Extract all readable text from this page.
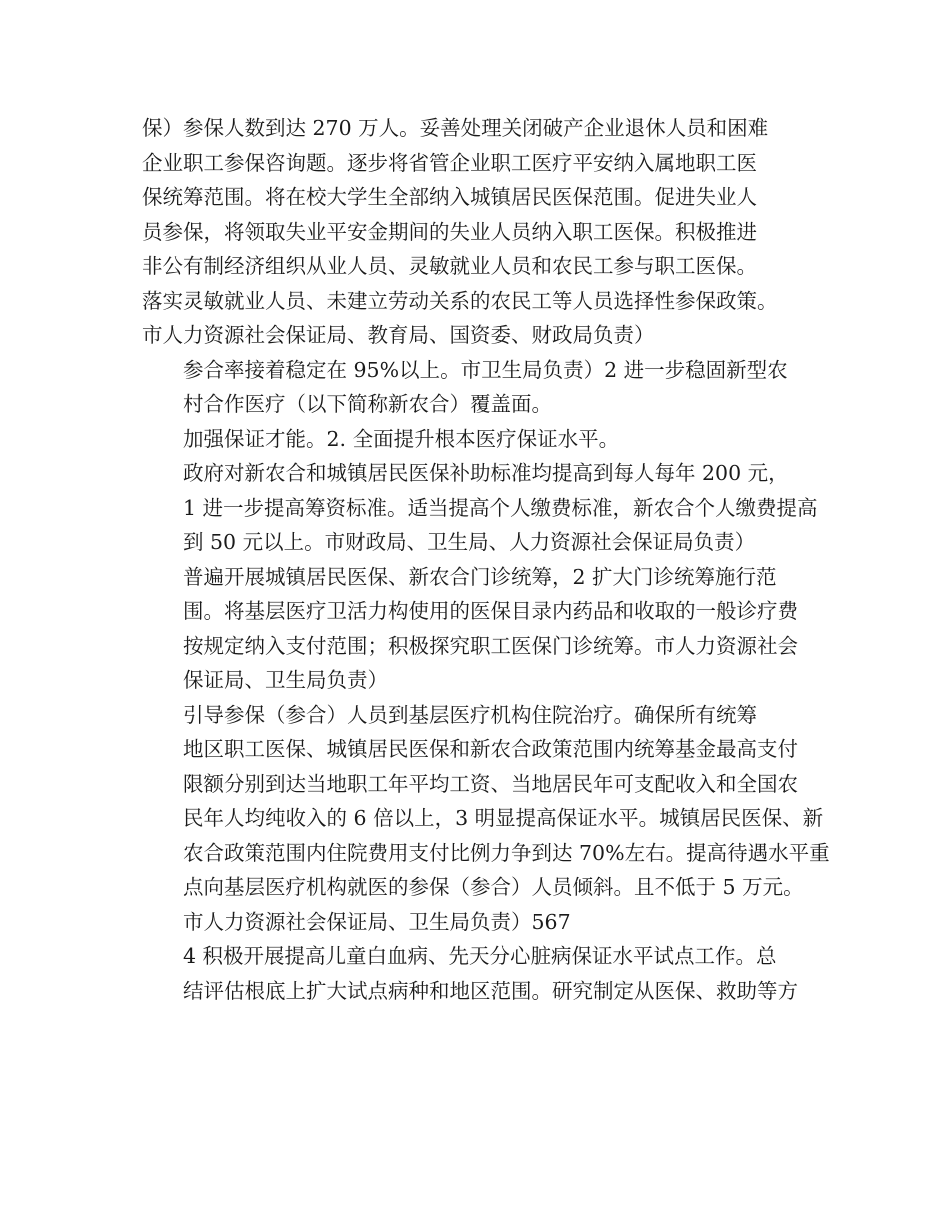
保）参保人数到达 270 万人。妥善处理关闭破产企业退休人员和困难
企业职工参保咨询题。逐步将省管企业职工医疗平安纳入属地职工医
保统筹范围。将在校大学生全部纳入城镇居民医保范围。促进失业人
员参保，将领取失业平安金期间的失业人员纳入职工医保。积极推进
非公有制经济组织从业人员、灵敏就业人员和农民工参与职工医保。
落实灵敏就业人员、未建立劳动关系的农民工等人员选择性参保政策。
市人力资源社会保证局、教育局、国资委、财政局负责）
参合率接着稳定在 95%以上。市卫生局负责）2 进一步稳固新型农
村合作医疗（以下简称新农合）覆盖面。
加强保证才能。2. 全面提升根本医疗保证水平。
政府对新农合和城镇居民医保补助标准均提高到每人每年 200 元，
1 进一步提高筹资标准。适当提高个人缴费标准，新农合个人缴费提高
到 50 元以上。市财政局、卫生局、人力资源社会保证局负责）
普遍开展城镇居民医保、新农合门诊统筹，2 扩大门诊统筹施行范
围。将基层医疗卫活力构使用的医保目录内药品和收取的一般诊疗费
按规定纳入支付范围；积极探究职工医保门诊统筹。市人力资源社会
保证局、卫生局负责）
引导参保（参合）人员到基层医疗机构住院治疗。确保所有统筹
地区职工医保、城镇居民医保和新农合政策范围内统筹基金最高支付
限额分别到达当地职工年平均工资、当地居民年可支配收入和全国农
民年人均纯收入的 6 倍以上，3 明显提高保证水平。城镇居民医保、新
农合政策范围内住院费用支付比例力争到达 70%左右。提高待遇水平重
点向基层医疗机构就医的参保（参合）人员倾斜。且不低于 5 万元。
市人力资源社会保证局、卫生局负责）567
4 积极开展提高儿童白血病、先天分心脏病保证水平试点工作。总
结评估根底上扩大试点病种和地区范围。研究制定从医保、救助等方
